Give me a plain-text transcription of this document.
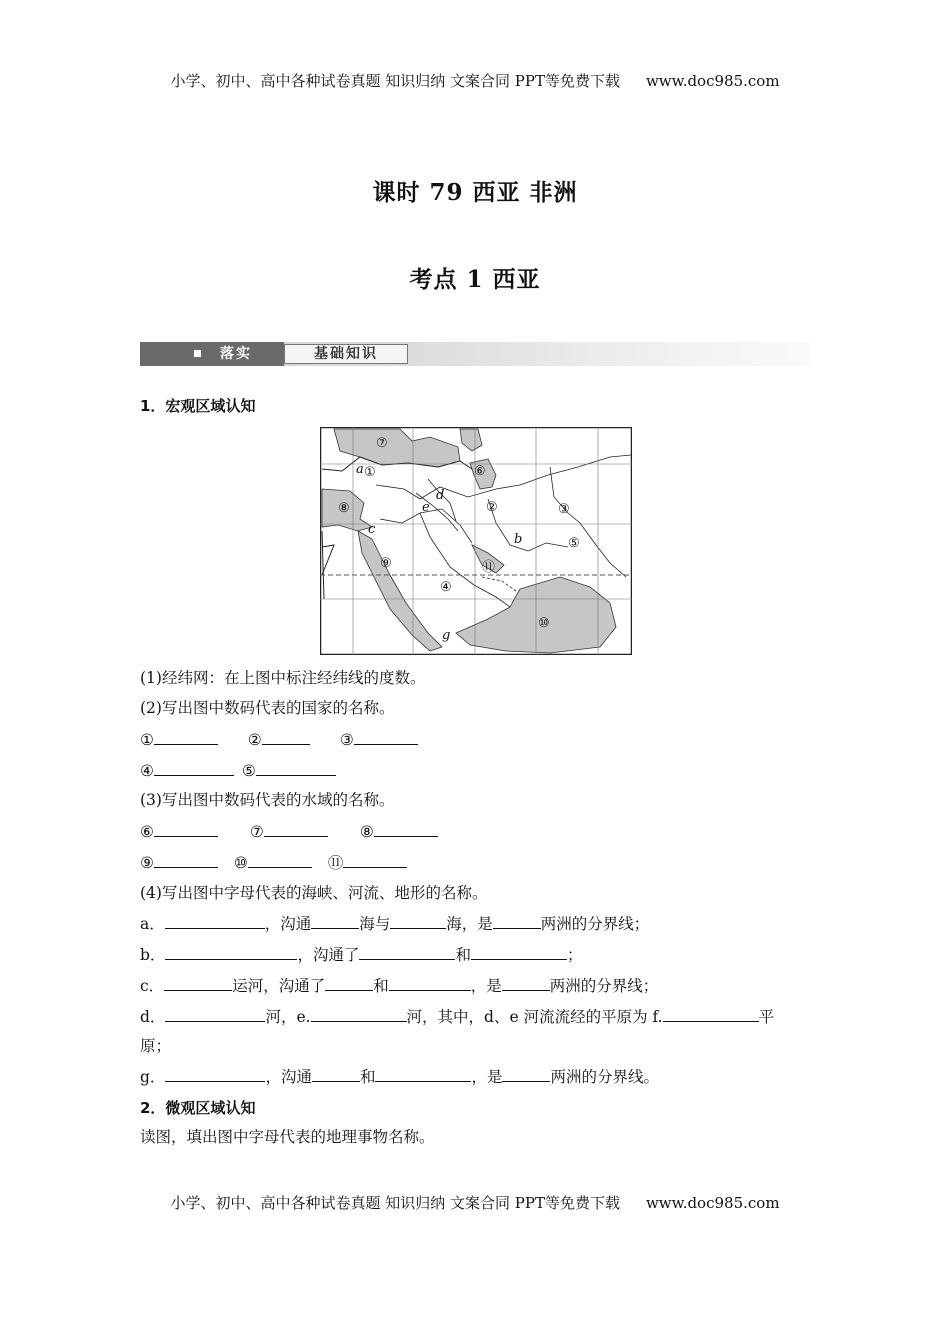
小学、初中、高中各种试卷真题 知识归纳 文案合同 PPT等免费下载 www.doc985.com
课时 79 西亚 非洲
考点 1 西亚
落实	基础知识
1．宏观区域认知
⑦
①	⑥
②	③
⑤
⑧
⑨
④
⑪
⑩
a
b
c
d
e
g
(1)经纬网：在上图中标注经纬线的度数。
(2)写出图中数码代表的国家的名称。
①	②	③
④	⑤
(3)写出图中数码代表的水域的名称。
⑥	⑦	⑧
⑨	⑩	⑪
(4)写出图中字母代表的海峡、河流、地形的名称。
a．	，沟通	海与	海，是	两洲的分界线；
b．	，沟通了	和	；
c．	运河，沟通了	和	，是	两洲的分界线；
d．	河，e.	河，其中，d、e 河流流经的平原为 f.	平
原；
g．	，沟通	和	，是	两洲的分界线。
2．微观区域认知
读图，填出图中字母代表的地理事物名称。
小学、初中、高中各种试卷真题 知识归纳 文案合同 PPT等免费下载 www.doc985.com
